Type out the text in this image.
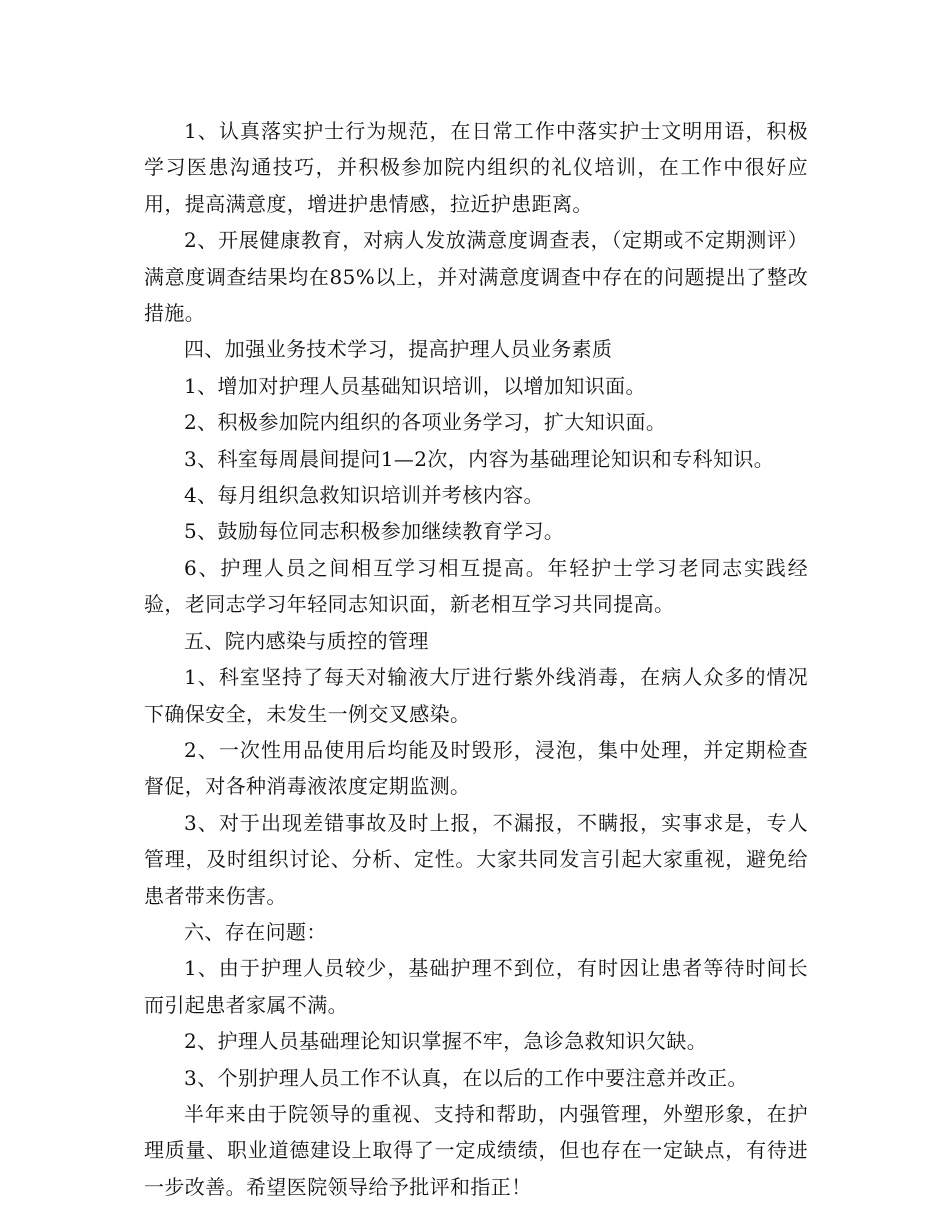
1、认真落实护士行为规范，在日常工作中落实护士文明用语，积极学习医患沟通技巧，并积极参加院内组织的礼仪培训，在工作中很好应用，提高满意度，增进护患情感，拉近护患距离。

2、开展健康教育，对病人发放满意度调查表，（定期或不定期测评）满意度调查结果均在85%以上，并对满意度调查中存在的问题提出了整改措施。

四、加强业务技术学习，提高护理人员业务素质

1、增加对护理人员基础知识培训，以增加知识面。

2、积极参加院内组织的各项业务学习，扩大知识面。

3、科室每周晨间提问1—2次，内容为基础理论知识和专科知识。

4、每月组织急救知识培训并考核内容。

5、鼓励每位同志积极参加继续教育学习。

6、护理人员之间相互学习相互提高。年轻护士学习老同志实践经验，老同志学习年轻同志知识面，新老相互学习共同提高。

五、院内感染与质控的管理

1、科室坚持了每天对输液大厅进行紫外线消毒，在病人众多的情况下确保安全，未发生一例交叉感染。

2、一次性用品使用后均能及时毁形，浸泡，集中处理，并定期检查督促，对各种消毒液浓度定期监测。

3、对于出现差错事故及时上报，不漏报，不瞒报，实事求是，专人管理，及时组织讨论、分析、定性。大家共同发言引起大家重视，避免给患者带来伤害。

六、存在问题：

1、由于护理人员较少，基础护理不到位，有时因让患者等待时间长而引起患者家属不满。

2、护理人员基础理论知识掌握不牢，急诊急救知识欠缺。

3、个别护理人员工作不认真，在以后的工作中要注意并改正。

半年来由于院领导的重视、支持和帮助，内强管理，外塑形象，在护理质量、职业道德建设上取得了一定成绩绩，但也存在一定缺点，有待进一步改善。希望医院领导给予批评和指正！
